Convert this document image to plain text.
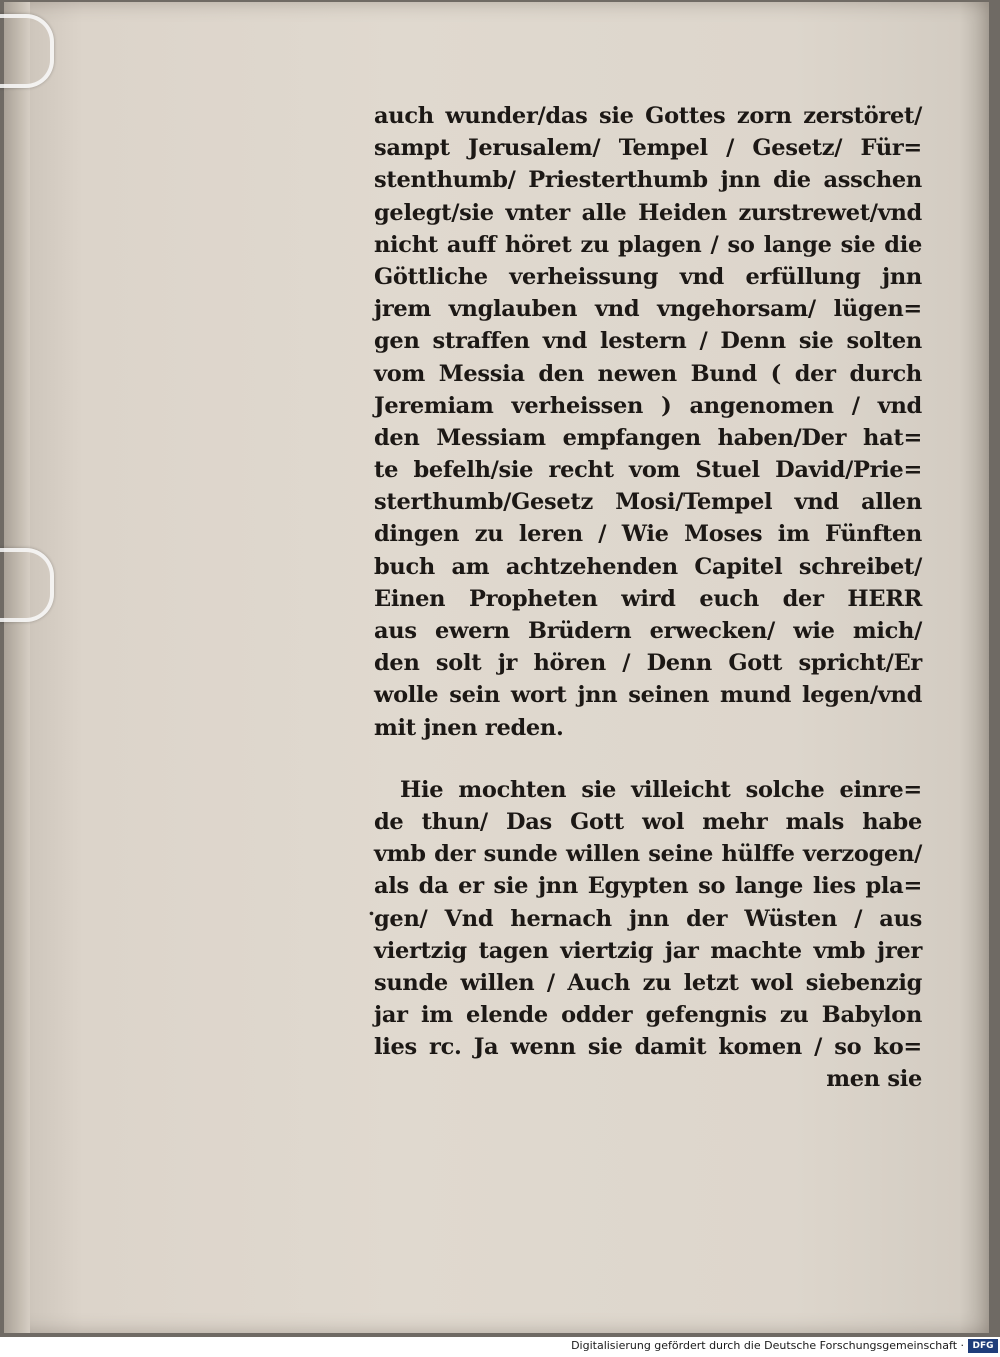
auch wunder/das sie Gottes zorn zerstöret/
sampt Jerusalem/ Tempel / Gesetz/ Für=
stenthumb/ Priesterthumb jnn die asschen
gelegt/sie vnter alle Heiden zurstrewet/vnd
nicht auff höret zu plagen / so lange sie die
Göttliche verheissung vnd erfüllung jnn
jrem vnglauben vnd vngehorsam/ lügen=
gen straffen vnd lestern / Denn sie solten
vom Messia den newen Bund ( der durch
Jeremiam verheissen ) angenomen / vnd
den Messiam empfangen haben/Der hat=
te befelh/sie recht vom Stuel David/Prie=
sterthumb/Gesetz Mosi/Tempel vnd allen
dingen zu leren / Wie Moses im Fünften
buch am achtzehenden Capitel schreibet/
Einen Propheten wird euch der HERR
aus ewern Brüdern erwecken/ wie mich/
den solt jr hören / Denn Gott spricht/Er
wolle sein wort jnn seinen mund legen/vnd
mit jnen reden.
Hie mochten sie villeicht solche einre=
de thun/ Das Gott wol mehr mals habe
vmb der sunde willen seine hülffe verzogen/
als da er sie jnn Egypten so lange lies pla=
gen/ Vnd hernach jnn der Wüsten / aus
viertzig tagen viertzig jar machte vmb jrer
sunde willen / Auch zu letzt wol siebenzig
jar im elende odder gefengnis zu Babylon
lies rc. Ja wenn sie damit komen / so ko=
men sie
.
Digitalisierung gefördert durch die Deutsche Forschungsgemeinschaft · DFG
